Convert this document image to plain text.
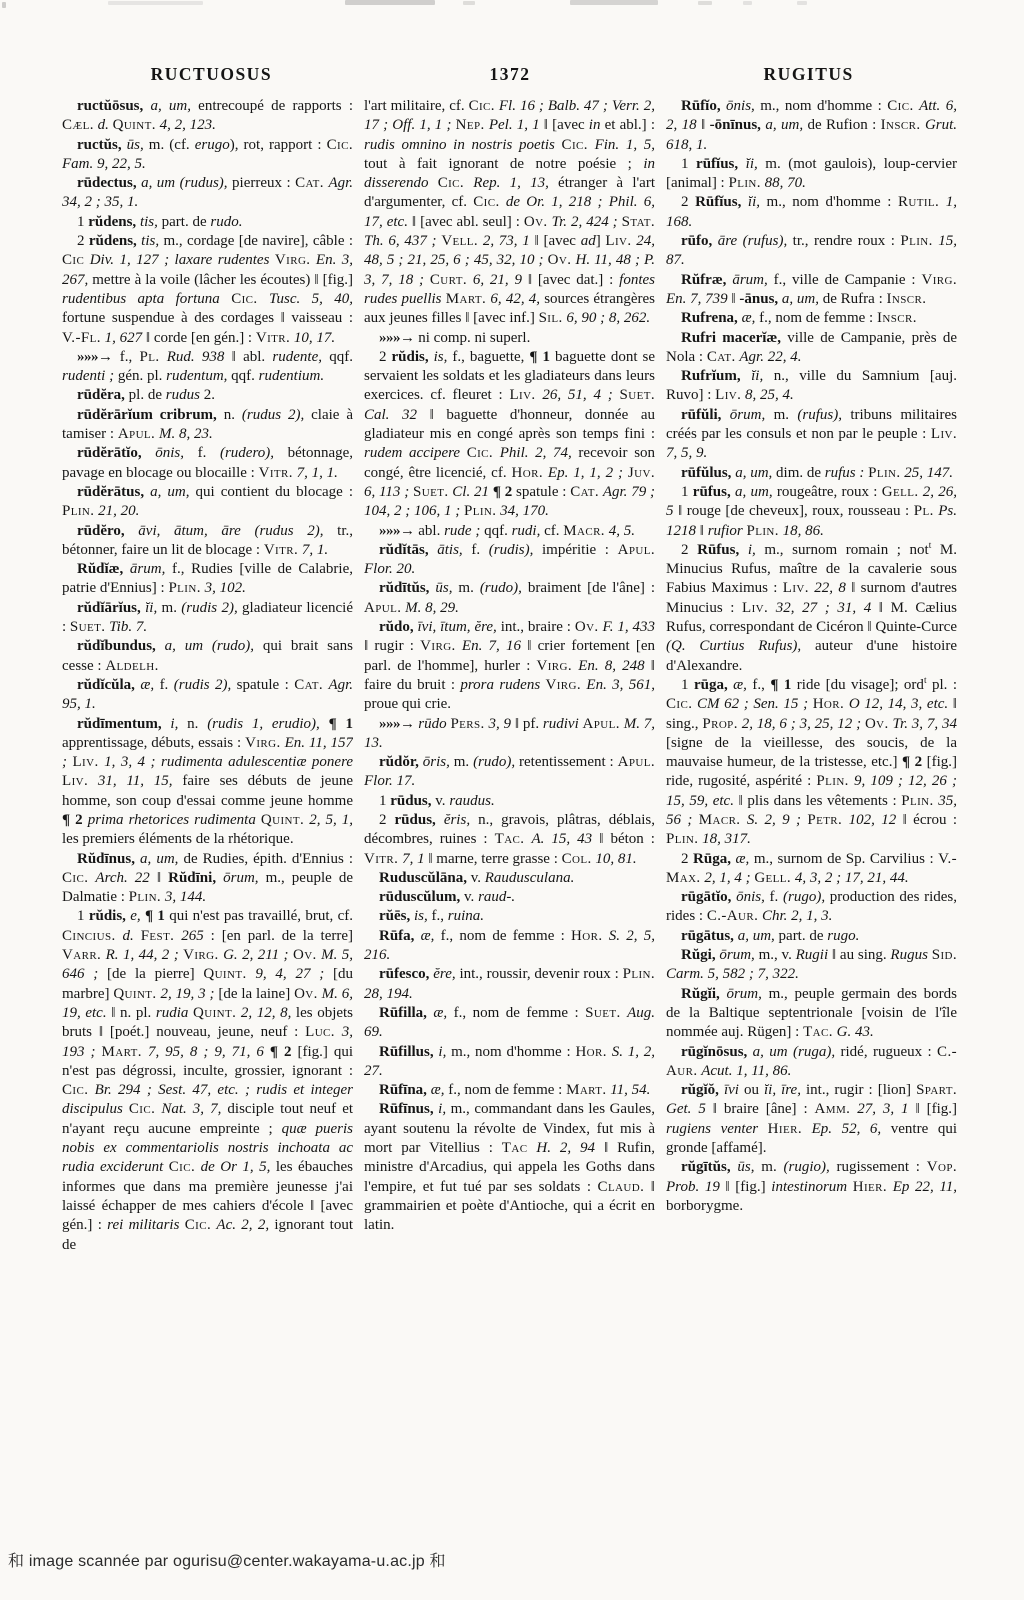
RUCTUOSUS	1372	RUGITUS

ructŭōsus, a, um, entrecoupé de rapports : Cæl. d. Quint. 4, 2, 123.

ructŭs, ūs, m. (cf. erugo), rot, rapport : Cic. Fam. 9, 22, 5.

rūdectus, a, um (rudus), pierreux : Cat. Agr. 34, 2 ; 35, 1.

1 rŭdens, tis, part. de rudo.

2 rŭdens, tis, m., cordage [de navire], câble : Cic Div. 1, 127 ; laxare rudentes Virg. En. 3, 267, mettre à la voile (lâcher les écoutes) ‖ [fig.] rudentibus apta fortuna Cic. Tusc. 5, 40, fortune suspendue à des cordages ‖ vaisseau : V.-Fl. 1, 627 ‖ corde [en gén.] : Vitr. 10, 17.

»»»→ f., Pl. Rud. 938 ‖ abl. rudente, qqf. rudenti ; gén. pl. rudentum, qqf. rudentium.

rūdĕra, pl. de rudus 2.

rūdĕrārĭum cribrum, n. (rudus 2), claie à tamiser : Apul. M. 8, 23.

rūdĕrātĭo, ōnis, f. (rudero), bétonnage, pavage en blocage ou blocaille : Vitr. 7, 1, 1.

rūdĕrātus, a, um, qui contient du blocage : Plin. 21, 20.

rūdĕro, āvi, ātum, āre (rudus 2), tr., bétonner, faire un lit de blocage : Vitr. 7, 1.

Rŭdĭæ, ārum, f., Rudies [ville de Calabrie, patrie d'Ennius] : Plin. 3, 102.

rŭdĭārĭus, ĭi, m. (rudis 2), gladiateur licencié : Suet. Tib. 7.

rŭdĭbundus, a, um (rudo), qui brait sans cesse : Aldelh.

rŭdĭcŭla, æ, f. (rudis 2), spatule : Cat. Agr. 95, 1.

rŭdīmentum, i, n. (rudis 1, erudio), ¶ 1 apprentissage, débuts, essais : Virg. En. 11, 157 ; Liv. 1, 3, 4 ; rudimenta adulescentiæ ponere Liv. 31, 11, 15, faire ses débuts de jeune homme, son coup d'essai comme jeune homme ¶ 2 prima rhetorices rudimenta Quint. 2, 5, 1, les premiers éléments de la rhétorique.

Rŭdīnus, a, um, de Rudies, épith. d'Ennius : Cic. Arch. 22 ‖ Rŭdīni, ōrum, m., peuple de Dalmatie : Plin. 3, 144.

1 rŭdis, e, ¶ 1 qui n'est pas travaillé, brut, cf. Cincius. d. Fest. 265 : [en parl. de la terre] Varr. R. 1, 44, 2 ; Virg. G. 2, 211 ; Ov. M. 5, 646 ; [de la pierre] Quint. 9, 4, 27 ; [du marbre] Quint. 2, 19, 3 ; [de la laine] Ov. M. 6, 19, etc. ‖ n. pl. rudia Quint. 2, 12, 8, les objets bruts ‖ [poét.] nouveau, jeune, neuf : Luc. 3, 193 ; Mart. 7, 95, 8 ; 9, 71, 6 ¶ 2 [fig.] qui n'est pas dégrossi, inculte, grossier, ignorant : Cic. Br. 294 ; Sest. 47, etc. ; rudis et integer discipulus Cic. Nat. 3, 7, disciple tout neuf et n'ayant reçu aucune empreinte ; quæ pueris nobis ex commentariolis nostris inchoata ac rudia exciderunt Cic. de Or 1, 5, les ébauches informes que dans ma première jeunesse j'ai laissé échapper de mes cahiers d'école ‖ [avec gén.] : rei militaris Cic. Ac. 2, 2, ignorant tout de

l'art militaire, cf. Cic. Fl. 16 ; Balb. 47 ; Verr. 2, 17 ; Off. 1, 1 ; Nep. Pel. 1, 1 ‖ [avec in et abl.] : rudis omnino in nostris poetis Cic. Fin. 1, 5, tout à fait ignorant de notre poésie ; in disserendo Cic. Rep. 1, 13, étranger à l'art d'argumenter, cf. Cic. de Or. 1, 218 ; Phil. 6, 17, etc. ‖ [avec abl. seul] : Ov. Tr. 2, 424 ; Stat. Th. 6, 437 ; Vell. 2, 73, 1 ‖ [avec ad] Liv. 24, 48, 5 ; 21, 25, 6 ; 45, 32, 10 ; Ov. H. 11, 48 ; P. 3, 7, 18 ; Curt. 6, 21, 9 ‖ [avec dat.] : fontes rudes puellis Mart. 6, 42, 4, sources étrangères aux jeunes filles ‖ [avec inf.] Sil. 6, 90 ; 8, 262.

»»»→ ni comp. ni superl.

2 rŭdis, is, f., baguette, ¶ 1 baguette dont se servaient les soldats et les gladiateurs dans leurs exercices. cf. fleuret : Liv. 26, 51, 4 ; Suet. Cal. 32 ‖ baguette d'honneur, donnée au gladiateur mis en congé après son temps fini : rudem accipere Cic. Phil. 2, 74, recevoir son congé, être licencié, cf. Hor. Ep. 1, 1, 2 ; Juv. 6, 113 ; Suet. Cl. 21 ¶ 2 spatule : Cat. Agr. 79 ; 104, 2 ; 106, 1 ; Plin. 34, 170.

»»»→ abl. rude ; qqf. rudi, cf. Macr. 4, 5.

rŭdĭtās, ātis, f. (rudis), impéritie : Apul. Flor. 20.

rŭdītŭs, ūs, m. (rudo), braiment [de l'âne] : Apul. M. 8, 29.

rŭdo, īvi, ītum, ĕre, int., braire : Ov. F. 1, 433 ‖ rugir : Virg. En. 7, 16 ‖ crier fortement [en parl. de l'homme], hurler : Virg. En. 8, 248 ‖ faire du bruit : prora rudens Virg. En. 3, 561, proue qui crie.

»»»→ rūdo Pers. 3, 9 ‖ pf. rudivi Apul. M. 7, 13.

rŭdŏr, ōris, m. (rudo), retentissement : Apul. Flor. 17.

1 rūdus, v. raudus.

2 rūdus, ĕris, n., gravois, plâtras, déblais, décombres, ruines : Tac. A. 15, 43 ‖ béton : Vitr. 7, 1 ‖ marne, terre grasse : Col. 10, 81.

Ruduscŭlāna, v. Raudusculana.

rūduscŭlum, v. raud-.

rŭēs, is, f., ruina.

Rūfa, æ, f., nom de femme : Hor. S. 2, 5, 216.

rūfesco, ĕre, int., roussir, devenir roux : Plin. 28, 194.

Rūfilla, æ, f., nom de femme : Suet. Aug. 69.

Rūfillus, i, m., nom d'homme : Hor. S. 1, 2, 27.

Rūfīna, æ, f., nom de femme : Mart. 11, 54.

Rūfīnus, i, m., commandant dans les Gaules, ayant soutenu la révolte de Vindex, fut mis à mort par Vitellius : Tac H. 2, 94 ‖ Rufin, ministre d'Arcadius, qui appela les Goths dans l'empire, et fut tué par ses soldats : Claud. ‖ grammairien et poète d'Antioche, qui a écrit en latin.

Rūfĭo, ōnis, m., nom d'homme : Cic. Att. 6, 2, 18 ‖ -ōnīnus, a, um, de Rufion : Inscr. Grut. 618, 1.

1 rūfĭus, ĭi, m. (mot gaulois), loup-cervier [animal] : Plin. 88, 70.

2 Rūfĭus, ĭi, m., nom d'homme : Rutil. 1, 168.

rūfo, āre (rufus), tr., rendre roux : Plin. 15, 87.

Rŭfræ, ārum, f., ville de Campanie : Virg. En. 7, 739 ‖ -ānus, a, um, de Rufra : Inscr.

Rufrena, æ, f., nom de femme : Inscr.

Rufri macerĭæ, ville de Campanie, près de Nola : Cat. Agr. 22, 4.

Rufrĭum, ĭi, n., ville du Samnium [auj. Ruvo] : Liv. 8, 25, 4.

rūfŭli, ōrum, m. (rufus), tribuns militaires créés par les consuls et non par le peuple : Liv. 7, 5, 9.

rūfŭlus, a, um, dim. de rufus : Plin. 25, 147.

1 rūfus, a, um, rougeâtre, roux : Gell. 2, 26, 5 ‖ rouge [de cheveux], roux, rousseau : Pl. Ps. 1218 ‖ rufior Plin. 18, 86.

2 Rūfus, i, m., surnom romain ; not$^t$ M. Minucius Rufus, maître de la cavalerie sous Fabius Maximus : Liv. 22, 8 ‖ surnom d'autres Minucius : Liv. 32, 27 ; 31, 4 ‖ M. Cælius Rufus, correspondant de Cicéron ‖ Quinte-Curce (Q. Curtius Rufus), auteur d'une histoire d'Alexandre.

1 rūga, æ, f., ¶ 1 ride [du visage]; ord$^t$ pl. : Cic. CM 62 ; Sen. 15 ; Hor. O 12, 14, 3, etc. ‖ sing., Prop. 2, 18, 6 ; 3, 25, 12 ; Ov. Tr. 3, 7, 34 [signe de la vieillesse, des soucis, de la mauvaise humeur, de la tristesse, etc.] ¶ 2 [fig.] ride, rugosité, aspérité : Plin. 9, 109 ; 12, 26 ; 15, 59, etc. ‖ plis dans les vêtements : Plin. 35, 56 ; Macr. S. 2, 9 ; Petr. 102, 12 ‖ écrou : Plin. 18, 317.

2 Rūga, æ, m., surnom de Sp. Carvilius : V.-Max. 2, 1, 4 ; Gell. 4, 3, 2 ; 17, 21, 44.

rūgātĭo, ōnis, f. (rugo), production des rides, rides : C.-Aur. Chr. 2, 1, 3.

rūgātus, a, um, part. de rugo.

Rŭgi, ōrum, m., v. Rugii ‖ au sing. Rugus Sid. Carm. 5, 582 ; 7, 322.

Rŭgĭi, ōrum, m., peuple germain des bords de la Baltique septentrionale [voisin de l'île nommée auj. Rügen] : Tac. G. 43.

rūgĭnōsus, a, um (ruga), ridé, rugueux : C.-Aur. Acut. 1, 11, 86.

rŭgĭŏ, īvi ou ĭi, īre, int., rugir : [lion] Spart. Get. 5 ‖ braire [âne] : Amm. 27, 3, 1 ‖ [fig.] rugiens venter Hier. Ep. 52, 6, ventre qui gronde [affamé].

rŭgītŭs, ūs, m. (rugio), rugissement : Vop. Prob. 19 ‖ [fig.] intestinorum Hier. Ep 22, 11, borborygme.

和 image scannée par ogurisu@center.wakayama-u.ac.jp 和
